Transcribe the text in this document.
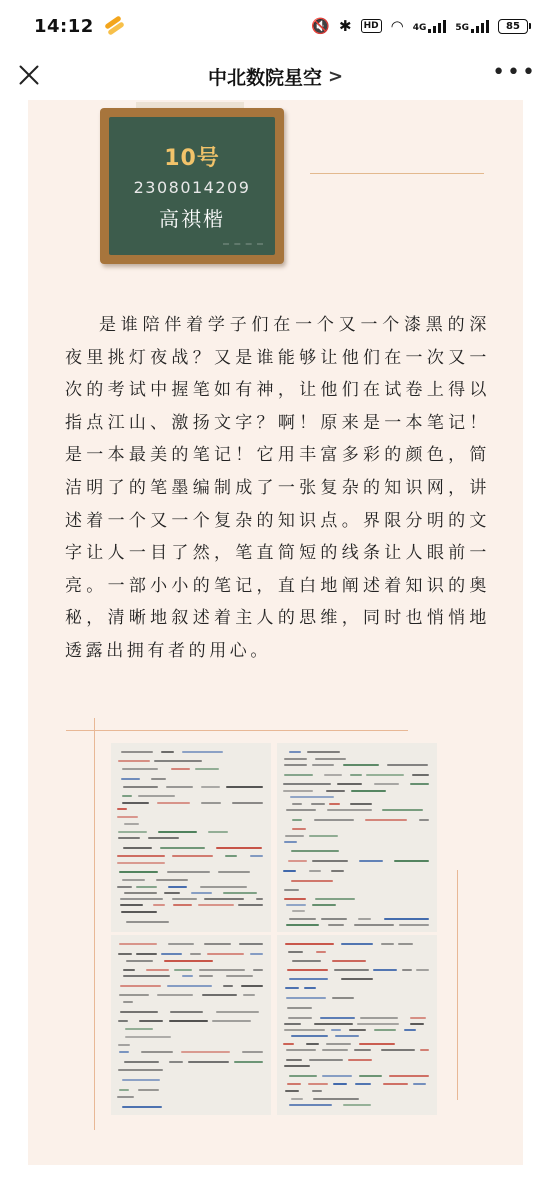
14:12	🔇 ✱	HD ◠ 4G	5G	85
中北数院星空 >	•••
10号
2308014209
高祺楷

是谁陪伴着学子们在一个又一个漆黑的深夜里挑灯夜战？又是谁能够让他们在一次又一次的考试中握笔如有神，让他们在试卷上得以指点江山、激扬文字？啊！原来是一本笔记！是一本最美的笔记！它用丰富多彩的颜色，简洁明了的笔墨编制成了一张复杂的知识网，讲述着一个又一个复杂的知识点。界限分明的文字让人一目了然，笔直简短的线条让人眼前一亮。一部小小的笔记，直白地阐述着知识的奥秘，清晰地叙述着主人的思维，同时也悄悄地透露出拥有者的用心。
